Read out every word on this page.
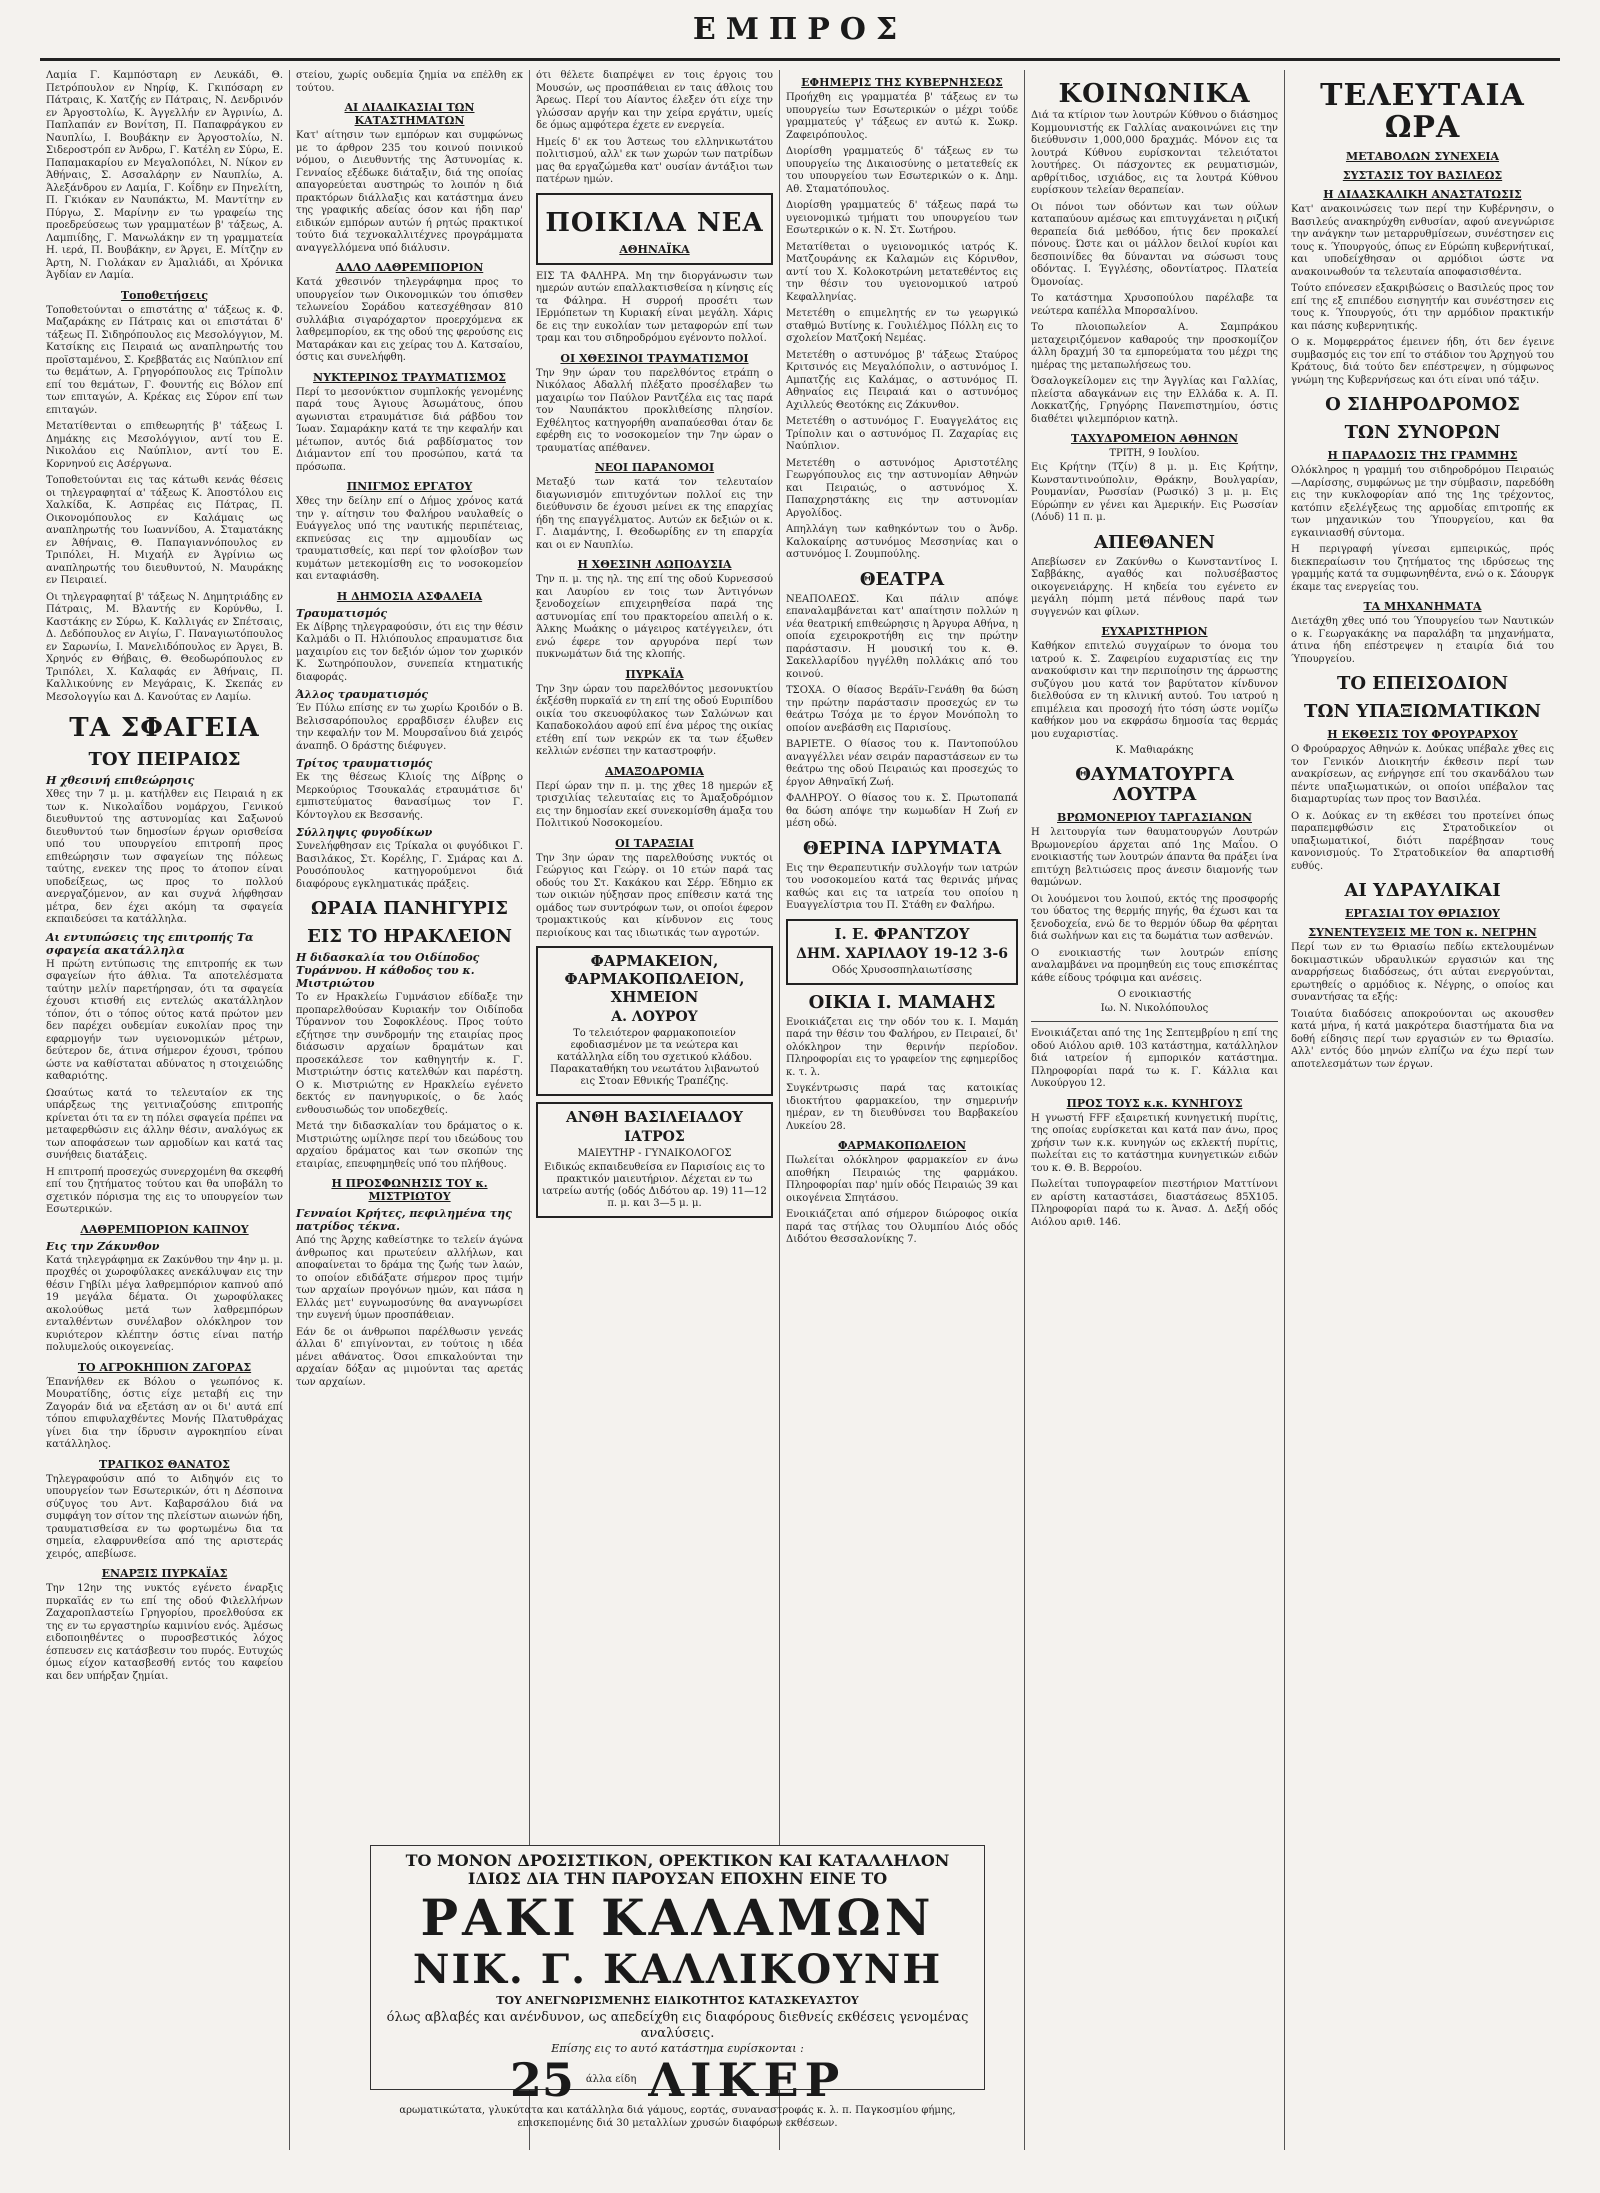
ΕΜΠΡΟΣ

Λαμία Γ. Καμπόσταρη εν Λευκάδι, Θ. Πετρόπουλον εν Νηρίφ, Κ. Γκιπόσαρη εν Πάτραις, Κ. Χατζής εν Πάτραις, Ν. Δενδρινόν εν Άργοστολίω, Κ. Άγγελλήν εν Άγρινίω, Δ. Παπλαπάν εν Βονίτση, Π. Παπαφράγκου εν Ναυπλίω, Ι. Βουβάκην εν Άργοστολίω, Ν. Σιδεροστρόπ εν Άνδρω, Γ. Κατέλη εν Σύρω, Ε. Παπαμακαρίου εν Μεγαλοπόλει, Ν. Νίκον εν Άθήναις, Σ. Ασσαλάρην εν Ναυπλίω, Α. Άλεξάνδρου εν Λαμία, Γ. Κοΐδην εν Πηνελίτη, Π. Γκιόκαν εν Ναυπάκτω, Μ. Μαντίτην εν Πύργω, Σ. Μαρίνην εν τω γραφείω της προεδρεύσεως των γραμματέων β' τάξεως, Α. Λαμπιίδης, Γ. Μανωλάκην εν τη γραμματεία Η. ιερά, Π. Βουβάκην, εν Άργει, Ε. Μίτζην εν Άρτη, Ν. Γιολάκαν εν Άμαλιάδι, αι Χρόνικα Άγδίαν εν Λαμία.

Τοποθετήσεις

Τοποθετούνται ο επιστάτης α' τάξεως κ. Φ. Μαζαράκης εν Πάτραις και οι επιστάται δ' τάξεως Π. Σιδηρόπουλος εις Μεσολόγγιον, Μ. Κατσίκης εις Πειραιά ως αναπληρωτής του προϊσταμένου, Σ. Κρεββατάς εις Ναύπλιον επί τω θεμάτων, Α. Γρηγορόπουλος εις Τρίπολιν επί του θεμάτων, Γ. Φουντής εις Βόλον επί των επιταγών, Α. Κρέκας εις Σύρον επί των επιταγών.

Μετατίθενται ο επιθεωρητής β' τάξεως Ι. Δημάκης εις Μεσολόγγιον, αντί του Ε. Νικολάου εις Ναύπλιον, αντί του Ε. Κορνηνού εις Ασέργωνα.

Τοποθετούνται εις τας κάτωθι κενάς θέσεις οι τηλεγραφηταί α' τάξεως Κ. Άποστόλου εις Χαλκίδα, Κ. Ασπρέας εις Πάτρας, Π. Οικονομόπουλος εν Καλάμαις ως αναπληρωτής του Ιωαννίδου, Α. Σταματάκης εν Άθήναις, Θ. Παπαγιαννόπουλος εν Τριπόλει, Η. Μιχαήλ εν Άγρίνιω ως αναπληρωτής του διευθυντού, Ν. Μαυράκης εν Πειραιεί.

Οι τηλεγραφηταί β' τάξεως Ν. Δημητριάδης εν Πάτραις, Μ. Βλαντής εν Κορύνθω, Ι. Καστάκης εν Σύρω, Κ. Καλλιγάς εν Σπέτσαις, Δ. Δεδόπουλος εν Αιγίω, Γ. Παναγιωτόπουλος εν Σαρωνίω, Ι. Μανελιδόπουλος εν Άργει, Β. Χρηνός εν Θήβαις, Θ. Θεοδωρόπουλος εν Τριπόλει, Χ. Καλαφάς εν Άθήναις, Π. Καλλικούνης εν Μεγάραις, Κ. Σκεπάς εν Μεσολογγίω και Δ. Κανούτας εν Λαμίω.

ΤΑ ΣΦΑΓΕΙΑ
ΤΟΥ ΠΕΙΡΑΙΩΣ
Η χθεσινή επιθεώρησις

Χθες την 7 μ. μ. κατήλθεν εις Πειραιά η εκ των κ. Νικολαΐδου νομάρχου, Γενικού διευθυντού της αστυνομίας και Σαξωνού διευθυντού των δημοσίων έργων ορισθείσα υπό του υπουργείου επιτροπή προς επιθεώρησιν των σφαγείων της πόλεως ταύτης, ενεκεν της προς το άτοπον είναι υποδείξεως, ως προς το πολλού ανεργαζόμενον, αν και συχνά λήφθησαν μέτρα, δεν έχει ακόμη τα σφαγεία εκπαιδεύσει τα κατάλληλα.

Αι εντυπώσεις της επιτροπής Τα σφαγεία ακατάλληλα

Η πρώτη εντύπωσις της επιτροπής εκ των σφαγείων ήτο άθλια. Τα αποτελέσματα ταύτην μελίν παρετήρησαν, ότι τα σφαγεία έχουσι κτισθή εις εντελώς ακατάλληλον τόπον, ότι ο τόπος ούτος κατά πρώτον μεν δεν παρέχει ουδεμίαν ευκολίαν προς την εφαρμογήν των υγειονομικών μέτρων, δεύτερον δε, άτινα σήμερον έχουσι, τρόπου ώστε να καθίσταται αδύνατος η στοιχειώδης καθαριότης.

Ωσαύτως κατά το τελευταίον εκ της υπάρξεως της γειτνιαζούσης επιτροπής κρίνεται ότι τα εν τη πόλει σφαγεία πρέπει να μεταφερθώσιν εις άλλην θέσιν, αναλόγως εκ των αποφάσεων των αρμοδίων και κατά τας συνήθεις διατάξεις.

Η επιτροπή προσεχώς συνερχομένη θα σκεφθή επί του ζητήματος τούτου και θα υποβάλη το σχετικόν πόρισμα της εις το υπουργείον των Εσωτερικών.

ΛΑΘΡΕΜΠΟΡΙΟΝ ΚΑΠΝΟΥ
Εις την Ζάκυνθον

Κατά τηλεγράφημα εκ Ζακύνθου την 4ην μ. μ. προχθές οι χωροφύλακες ανεκάλυψαν εις την θέσιν Γηβίλι μέγα λαθρεμπόριον καπνού από 19 μεγάλα δέματα. Οι χωροφύλακες ακολούθως μετά των λαθρεμπόρων ενταλθέντων συνέλαβον ολόκληρον τον κυριότερον κλέπτην όστις είναι πατήρ πολυμελούς οικογενείας.

ΤΟ ΑΓΡΟΚΗΠΙΟΝ ΖΑΓΟΡΑΣ

Έπανήλθεν εκ Βόλου ο γεωπόνος κ. Μουρατίδης, όστις είχε μεταβή εις την Ζαγοράν διά να εξετάση αν οι δι' αυτά επί τόπου επιφυλαχθέντες Μονής Πλατυθράχας γίνει δια την ίδρυσιν αγροκηπίου είναι κατάλληλος.

ΤΡΑΓΙΚΟΣ ΘΑΝΑΤΟΣ

Τηλεγραφούσιν από το Αιδηψόν εις το υπουργείον των Εσωτερικών, ότι η Δέσποινα σύζυγος του Αντ. Καβαρσάλου διά να συμφάγη τον σίτον της πλείστων αιωνών ήδη, τραυματισθείσα εν τω φορτωμένω δια τα σημεία, ελαφρυνθείσα από της αριστεράς χειρός, απεβίωσε.

ΕΝΑΡΞΙΣ ΠΥΡΚΑΪΑΣ

Την 12ην της νυκτός εγένετο έναρξις πυρκαϊάς εν τω επί της οδού Φιλελλήνων Ζαχαροπλαστείω Γρηγορίου, προελθούσα εκ της εν τω εργαστηρίω καμινίου ενός. Άμέσως ειδοποιηθέντες ο πυροσβεστικός λόχος έσπευσεν εις κατάσβεσιν του πυρός. Ευτυχώς όμως είχον κατασβεσθή εντός του καφείου και δεν υπήρξαν ζημίαι.

στείου, χωρίς ουδεμία ζημία να επέλθη εκ τούτου.

ΑΙ ΔΙΑΔΙΚΑΣΙΑΙ ΤΩΝ ΚΑΤΑΣΤΗΜΑΤΩΝ

Κατ' αίτησιν των εμπόρων και συμφώνως με το άρθρον 235 του κοινού ποινικού νόμου, ο Διευθυντής της Άστυνομίας κ. Γενναίος εξέδωκε διάταξιν, διά της οποίας απαγορεύεται αυστηρώς το λοιπόν η διά πρακτόρων διάλλαξις και κατάστημα άνευ της γραφικής αδείας όσον και ήδη παρ' ειδικών εμπόρων αυτών ή ρητώς πρακτικοί τούτο διά τεχνοκαλλιτέχνες προγράμματα αναγγελλόμενα υπό διάλυσιν.

ΑΛΛΟ ΛΑΘΡΕΜΠΟΡΙΟΝ

Κατά χθεσινόν τηλεγράφημα προς το υπουργείον των Οικονομικών του όπισθεν τελωνείου Σοράδου κατεσχέθησαν 810 συλλάβια σιγαρόχαρτον προερχόμενα εκ λαθρεμπορίου, εκ της οδού της φερούσης εις Ματαράκαν και εις χείρας του Δ. Κατσαίου, όστις και συνελήφθη.

ΝΥΚΤΕΡΙΝΟΣ ΤΡΑΥΜΑΤΙΣΜΟΣ

Περί το μεσονύκτιον συμπλοκής γενομένης παρά τους Άγιους Άσωμάτους, όπου αγωνισται ετραυμάτισε διά ράβδου τον Ίωαν. Σαμαράκην κατά τε την κεφαλήν και μέτωπον, αυτός διά ραβδίσματος τον Διάμαντον επί του προσώπου, κατά τα πρόσωπα.

ΠΝΙΓΜΟΣ ΕΡΓΑΤΟΥ

Χθες την δείλην επί ο Δήμος χρόνος κατά την γ. αίτησιν του Φαλήρου ναυλαθείς ο Ευάγγελος υπό της ναυτικής περιπέτειας, εκπνεύσας εις την αμμουδίαν ως τραυματισθείς, και περί τον φλοίσβον των κυμάτων μετεκομίσθη εις το νοσοκομείον και ενταφιάσθη.

Η ΔΗΜΟΣΙΑ ΑΣΦΑΛΕΙΑ
Τραυματισμός

Εκ Δίβρης τηλεγραφούσιν, ότι εις την θέσιν Καλμάδι ο Π. Ηλιόπουλος επραυματισε δια μαχαιρίου εις τον δεξιόν ώμον τον χωρικόν Κ. Σωτηρόπουλον, συνεπεία κτηματικής διαφοράς.

Άλλος τραυματισμός

Έν Πύλω επίσης εν τω χωρίω Κροιδόν ο Β. Βελισσαρόπουλος ερραβδισεν έλυβεν εις την κεφαλήν τον Μ. Μουρσαΐνου διά χειρός άναπηδ. Ο δράστης διέφυγεν.

Τρίτος τραυματισμός

Εκ της θέσεως Κλιοίς της Δίβρης ο Μερκούριος Τσουκαλάς ετραυμάτισε δι' εμπιστεύματος θανασίμως τον Γ. Κόντογλου εκ Βεσσανής.

Σύλληψις φυγοδίκων

Συνελήφθησαν εις Τρίκαλα οι φυγόδικοι Γ. Βασιλάκος, Στ. Κορέλης, Γ. Σμάρας και Δ. Ρουσόπουλος κατηγορούμενοι διά διαφόρους εγκληματικάς πράξεις.

ΩΡΑΙΑ ΠΑΝΗΓΥΡΙΣ
ΕΙΣ ΤΟ ΗΡΑΚΛΕΙΟΝ
Η διδασκαλία του Οιδίποδος Τυράννου. Η κάθοδος του κ. Μιστριώτου

Το εν Ηρακλείω Γυμνάσιον εδίδαξε την προπαρελθούσαν Κυριακήν τον Οιδίποδα Τύραννον του Σοφοκλέους. Προς τούτο εζήτησε την συνδρομήν της εταιρίας προς διάσωσιν αρχαίων δραμάτων και προσεκάλεσε τον καθηγητήν κ. Γ. Μιστριώτην όστις κατελθών και παρέστη. Ο κ. Μιστριώτης εν Ηρακλείω εγένετο δεκτός εν πανηγυρικοίς, ο δε λαός ενθουσιωδώς τον υποδεχθείς.

Μετά την διδασκαλίαν του δράματος ο κ. Μιστριώτης ωμίλησε περί του ιδεώδους του αρχαίου δράματος και των σκοπών της εταιρίας, επευφημηθείς υπό του πλήθους.

Η ΠΡΟΣΦΩΝΗΣΙΣ ΤΟΥ κ. ΜΙΣΤΡΙΩΤΟΥ
Γενναίοι Κρήτες, πεφιλημένα της πατρίδος τέκνα.

Από της Άρχης καθείστηκε το τελείν άγώνα άνθρωπος και πρωτεύειν αλλήλων, και αποφαίνεται το δράμα της ζωής των λαών, το οποίον εδιδάξατε σήμερον προς τιμήν των αρχαίων προγόνων ημών, και πάσα η Ελλάς μετ' ευγνωμοσύνης θα αναγνωρίσει την ευγενή ύμων προσπάθειαν.

Εάν δε οι άνθρωποι παρέλθωσιν γενεάς άλλαι δ' επιγίνονται, εν τούτοις η ιδέα μένει αθάνατος. Όσοι επικαλούνται την αρχαίαν δόξαν ας μιμούνται τας αρετάς των αρχαίων.

ότι θέλετε διαπρέψει εν τοις έργοις του Μουσών, ως προσπάθειαι εν ταις άθλοις του Άρεως. Περί του Αίαντος έλεξεν ότι είχε την γλώσσαν αργήν και την χείρα εργάτιν, υμείς δε όμως αμφότερα έχετε εν ενεργεία.

Ημείς δ' εκ του Άστεως του ελληνικωτάτου πολιτισμού, αλλ' εκ των χωρών των πατρίδων μας θα εργαζώμεθα κατ' ουσίαν άντάξιοι των πατέρων ημών.

ΠΟΙΚΙΛΑ ΝΕΑ
ΑΘΗΝΑΪΚΑ

ΕΙΣ ΤΑ ΦΑΛΗΡΑ. Μη την διοργάνωσιν των ημερών αυτών επαλλακτισθείσα η κίνησις είς τα Φάληρα. Η συρροή προσέτι των ΙΕρμόπετων τη Κυριακή είναι μεγάλη. Χάρις δε εις την ευκολίαν των μεταφορών επί των τραμ και του σιδηροδρόμου εγένοντο πολλοί.

ΟΙ ΧΘΕΣΙΝΟΙ ΤΡΑΥΜΑΤΙΣΜΟΙ

Την 9ην ώραν του παρελθόντος ετράπη ο Νικόλαος Αδαλλή πλέξατο προσέλαβεν τω μαχαιρίω τον Παύλον Ραντζέλα εις τας παρά τον Ναυπάκτου προκλιθείσης πλησίον. Εχθέλητος κατηγορήθη αναπαύεσθαι όταν δε εφέρθη εις το νοσοκομείον την 7ην ώραν ο τραυματίας απέθανεν.

ΝΕΟΙ ΠΑΡΑΝΟΜΟΙ

Μεταξύ των κατά τον τελευταίον διαγωνισμόν επιτυχόντων πολλοί εις την διεύθυνσιν δε έχουσι μείνει εκ της επαρχίας ήδη της επαγγέλματος. Αυτών εκ δεξιών οι κ. Γ. Διαμάντης, Ι. Θεοδωρίδης εν τη επαρχία και οι εν Ναυπλίω.

Η ΧΘΕΣΙΝΗ ΛΩΠΟΔΥΣΙΑ

Την π. μ. της ηλ. της επί της οδού Κυρνεσσού και Λαυρίου εν τοις των Άντιγόνων ξενοδοχείων επιχειρηθείσα παρά της αστυνομίας επί του πρακτορείου απειλή ο κ. Άλκης Μωάκης ο μάγειρος κατέγγειλεν, ότι ενώ έφερε τον αργυρόνα περί των πυκνωμάτων διά της κλοπής.

ΠΥΡΚΑΪΑ

Την 3ην ώραν του παρελθόντος μεσονυκτίου έκξέσθη πυρκαϊά εν τη επί της οδού Ευριπίδου οικία του σκευοφύλακος των Σαλώνων και Καπαδοκολάου αφού επί ένα μέρος της οικίας ετέθη επί των νεκρών εκ τα των έξωθεν κελλιών ενέσπει την καταστροφήν.

ΑΜΑΞΟΔΡΟΜΙΑ

Περί ώραν την π. μ. της χθες 18 ημερών εξ τρισχιλίας τελευταίας εις το Άμαξοδρόμιον εις την δημοσίαν εκεί συνεκομίσθη άμαξα του Πολιτικού Νοσοκομείου.

ΟΙ ΤΑΡΑΞΙΑΙ

Την 3ην ώραν της παρελθούσης νυκτός οι Γεώργιος και Γεώργ. οι 10 ετών παρά τας οδούς του Στ. Κακάκου και Σέρρ. Έδημιο εκ των οικιών ηύξησαν προς επίθεσιν κατά της ομάδος των συντρόφων των, οι οποίοι έφερον τρομακτικούς και κίνδυνον εις τους περιοίκους και τας ιδιωτικάς των αγροτών.

ΦΑΡΜΑΚΕΙΟΝ,
ΦΑΡΜΑΚΟΠΩΛΕΙΟΝ, ΧΗΜΕΙΟΝ
Α. ΛΟΥΡΟΥ
Το τελειότερον φαρμακοποιείον εφοδιασμένον με τα νεώτερα και κατάλληλα είδη του σχετικού κλάδου. Παρακαταθήκη του νεωτάτου λιβανωτού εις Στοαν Εθνικής Τραπέζης.
ΑΝΘΗ ΒΑΣΙΛΕΙΑΔΟΥ
ΙΑΤΡΟΣ
ΜΑΙΕΥΤΗΡ - ΓΥΝΑΙΚΟΛΟΓΟΣ
Ειδικώς εκπαιδευθείσα εν Παρισίοις εις το πρακτικόν μαιευτήριον. Δέχεται εν τω ιατρείω αυτής (οδός Διδότου αρ. 19) 11—12 π. μ. και 3—5 μ. μ.
ΕΦΗΜΕΡΙΣ ΤΗΣ ΚΥΒΕΡΝΗΣΕΩΣ

Προήχθη εις γραμματέα β' τάξεως εν τω υπουργείω των Εσωτερικών ο μέχρι τούδε γραμματεύς γ' τάξεως εν αυτώ κ. Σωκρ. Ζαφειρόπουλος.

Διορίσθη γραμματεύς δ' τάξεως εν τω υπουργείω της Δικαιοσύνης ο μετατεθείς εκ του υπουργείου των Εσωτερικών ο κ. Δημ. Αθ. Σταματόπουλος.

Διορίσθη γραμματεύς δ' τάξεως παρά τω υγειονομικώ τμήματι του υπουργείου των Εσωτερικών ο κ. Ν. Στ. Σωτήρου.

Μετατίθεται ο υγειονομικός ιατρός Κ. Ματζουράνης εκ Καλαμών εις Κόρινθον, αντί του Χ. Κολοκοτρώνη μετατεθέντος εις την θέσιν του υγειονομικού ιατρού Κεφαλληνίας.

Μετετέθη ο επιμελητής εν τω γεωργικώ σταθμώ Βυτίνης κ. Γουλιέλμος Πόλλη εις το σχολείον Ματζοκή Νεμέας.

Μετετέθη ο αστυνόμος β' τάξεως Σταύρος Κριτσινός εις Μεγαλόπολιν, ο αστυνόμος Ι. Αμπατζής εις Καλάμας, ο αστυνόμος Π. Αθηναίος εις Πειραιά και ο αστυνόμος Αχιλλεύς Θεοτόκης εις Ζάκυνθον.

Μετετέθη ο αστυνόμος Γ. Ευαγγελάτος εις Τρίπολιν και ο αστυνόμος Π. Ζαχαρίας εις Ναύπλιον.

Μετετέθη ο αστυνόμος Αριστοτέλης Γεωργόπουλος εις την αστυνομίαν Αθηνών και Πειραιώς, ο αστυνόμος Χ. Παπαχρηστάκης εις την αστυνομίαν Αργολίδος.

Απηλλάγη των καθηκόντων του ο Άνδρ. Καλοκαίρης αστυνόμος Μεσσηνίας και ο αστυνόμος Ι. Ζουμπούλης.

ΘΕΑΤΡΑ

ΝΕΑΠΟΛΕΩΣ. Και πάλιν απόψε επαναλαμβάνεται κατ' απαίτησιν πολλών η νέα θεατρική επιθεώρησις η Άργυρα Αθήνα, η οποία εχειροκροτήθη εις την πρώτην παράστασιν. Η μουσική του κ. Θ. Σακελλαρίδου ηγγέλθη πολλάκις από του κοινού.

ΤΣΟΧΑ. Ο θίασος Βεράϊν-Γενάθη θα δώση την πρώτην παράστασιν προσεχώς εν τω θεάτρω Τσόχα με το έργον Μονόπολη το οποίον ανεβάσθη εις Παρισίους.

ΒΑΡΙΕΤΕ. Ο θίασος του κ. Παντοπούλου αναγγέλλει νέαν σειράν παραστάσεων εν τω θεάτρω της οδού Πειραιώς και προσεχώς το έργον Αθηναϊκή Ζωή.

ΦΑΛΗΡΟΥ. Ο θίασος του κ. Σ. Πρωτοπαπά θα δώση απόψε την κωμωδίαν Η Ζωή εν μέση οδώ.

ΘΕΡΙΝΑ ΙΔΡΥΜΑΤΑ

Εις την Θεραπευτικήν συλλογήν των ιατρών του νοσοκομείου κατά τας θερινάς μήνας καθώς και εις τα ιατρεία του οποίου η Ευαγγελίστρια του Π. Στάθη εν Φαλήρω.

Ι. Ε. ΦΡΑΝΤΖΟΥ
ΔΗΜ. ΧΑΡΙΛΑΟΥ 19-12 3-6
Οδός Χρυσοσπηλαιωτίσσης
ΟΙΚΙΑ Ι. ΜΑΜΑΗΣ

Ενοικιάζεται εις την οδόν του κ. Ι. Μαμάη παρά την θέσιν του Φαλήρου, εν Πειραιεί, δι' ολόκληρον την θερινήν περίοδον. Πληροφορίαι εις το γραφείον της εφημερίδος κ. τ. λ.

Συγκέντρωσις παρά τας κατοικίας ιδιοκτήτου φαρμακείου, την σημερινήν ημέραν, εν τη διευθύνσει του Βαρβακείου Λυκείου 28.

ΦΑΡΜΑΚΟΠΩΛΕΙΟΝ

Πωλείται ολόκληρον φαρμακείον εν άνω αποθήκη Πειραιώς της φαρμάκου. Πληροφορίαι παρ' ημίν οδός Πειραιώς 39 και οικογένεια Σπητάσου.

Ενοικιάζεται από σήμερον διώροφος οικία παρά τας στήλας του Ολυμπίου Διός οδός Διδότου Θεσσαλονίκης 7.

ΚΟΙΝΩΝΙΚΑ

Διά τα κτίριον των λουτρών Κύθνου ο διάσημος Κομμουνιστής εκ Γαλλίας ανακοινώνει εις την διεύθυνσιν 1,000,000 δραχμάς. Μόνον εις τα λουτρά Κύθνου ευρίσκονται τελειότατοι λουτήρες. Οι πάσχοντες εκ ρευματισμών, αρθρίτιδος, ισχιάδος, εις τα λουτρά Κύθνου ευρίσκουν τελείαν θεραπείαν.

Οι πόνοι των οδόντων και των ούλων καταπαύουν αμέσως και επιτυγχάνεται η ριζική θεραπεία διά μεθόδου, ήτις δεν προκαλεί πόνους. Ώστε και οι μάλλον δειλοί κυρίοι και δεσποινίδες θα δύνανται να σώσωσι τους οδόντας. Ι. Έγγλέσης, οδοντίατρος. Πλατεία Όμονοίας.

Το κατάστημα Χρυσοπούλου παρέλαβε τα νεώτερα καπέλλα Μπορσαλίνου.

Το πλοιοπωλείον Α. Σαμπράκου μεταχειριζόμενον καθαρούς την προσκομίζον άλλη δραχμή 30 τα εμπορεύματα του μέχρι της ημέρας της μεταπωλήσεως του.

Όσαλογκείλομεν εις την Άγγλίας και Γαλλίας, πλείστα αδαγκάνων εις την Ελλάδα κ. Α. Π. Λοκκατζής, Γρηγόρης Πανεπιστημίου, όστις διαθέτει ψιλεμπόριον κατηλ.

ΤΑΧΥΔΡΟΜΕΙΟΝ ΑΘΗΝΩΝ
ΤΡΙΤΗ, 9 Ιουλίου.

Εις Κρήτην (Τζίν) 8 μ. μ. Εις Κρήτην, Κωνσταντινούπολιν, Θράκην, Βουλγαρίαν, Ρουμανίαν, Ρωσσίαν (Ρωσικό) 3 μ. μ. Εις Εύρώπην εν γένει και Άμερικήν. Εις Ρωσσίαν (Λόυδ) 11 π. μ.

ΑΠΕΘΑΝΕΝ

Απεβίωσεν εν Ζακύνθω ο Κωνσταντίνος Ι. Σαββάκης, αγαθός και πολυσέβαστος οικογενειάρχης. Η κηδεία του εγένετο εν μεγάλη πόμπη μετά πένθους παρά των συγγενών και φίλων.

ΕΥΧΑΡΙΣΤΗΡΙΟΝ

Καθήκον επιτελώ συγχαίρων το όνομα του ιατρού κ. Σ. Ζαφειρίου ευχαριστίας εις την ανακούφισιν και την περιποίησιν της άρρωστης συζύγου μου κατά τον βαρύτατον κίνδυνον διελθούσα εν τη κλινική αυτού. Του ιατρού η επιμέλεια και προσοχή ήτο τόση ώστε νομίζω καθήκον μου να εκφράσω δημοσία τας θερμάς μου ευχαριστίας.

Κ. Μαθιαράκης
ΘΑΥΜΑΤΟΥΡΓΑ ΛΟΥΤΡΑ
ΒΡΩΜΟΝΕΡΙΟΥ ΤΑΡΓΑΣΙΑΝΩΝ

Η λειτουργία των θαυματουργών Λουτρών Βρωμονερίου άρχεται από 1ης Μαΐου. Ο ενοικιαστής των λουτρών άπαντα θα πράξει ίνα επιτύχη βελτιώσεις προς άνεσιν διαμονής των θαμώνων.

Οι λουόμενοι του λοιπού, εκτός της προσφορής του ύδατος της θερμής πηγής, θα έχωσι και τα ξενοδοχεία, ενώ δε το θερμόν ύδωρ θα φέρηται διά σωλήνων και εις τα δωμάτια των ασθενών.

Ο ενοικιαστής των λουτρών επίσης αναλαμβάνει να προμηθεύη εις τους επισκέπτας κάθε είδους τρόφιμα και ανέσεις.

Ο ενοικιαστής
Ιω. Ν. Νικολόπουλος

Ενοικιάζεται από της 1ης Σεπτεμβρίου η επί της οδού Αιόλου αριθ. 103 κατάστημα, κατάλληλον διά ιατρείον ή εμπορικόν κατάστημα. Πληροφορίαι παρά τω κ. Γ. Κάλλια και Λυκούργου 12.

ΠΡΟΣ ΤΟΥΣ κ.κ. ΚΥΝΗΓΟΥΣ

Η γνωστή FFF εξαιρετική κυνηγετική πυρίτις, της οποίας ευρίσκεται και κατά παν άνω, προς χρήσιν των κ.κ. κυνηγών ως εκλεκτή πυρίτις, πωλείται εις το κατάστημα κυνηγετικών ειδών του κ. Θ. Β. Βερροίου.

Πωλείται τυπογραφείον πιεστήριον Ματτίνονι εν αρίστη καταστάσει, διαστάσεως 85Χ105. Πληροφορίαι παρά τω κ. Άνασ. Δ. Δεξή οδός Αιόλου αριθ. 146.

ΤΕΛΕΥΤΑΙΑ ΩΡΑ
ΜΕΤΑΒΟΛΩΝ ΣΥΝΕΧΕΙΑ
ΣΥΣΤΑΣΙΣ ΤΟΥ ΒΑΣΙΛΕΩΣ
Η ΔΙΔΑΣΚΑΛΙΚΗ ΑΝΑΣΤΑΤΩΣΙΣ

Κατ' ανακοινώσεις των περί την Κυβέρνησιν, ο Βασιλεύς ανακηρύχθη ενθυσίαν, αφού ανεγνώρισε την ανάγκην των μεταρρυθμίσεων, συνέστησεν εις τους κ. Ύπουργούς, όπως εν Εύρώπη κυβερνήτικαί, και υποδείχθησαν οι αρμόδιοι ώστε να ανακοινωθούν τα τελευταία αποφασισθέντα.

Τούτο επόνεσεν εξακριβώσεις ο Βασιλεύς προς τον επί της εξ επιπέδου εισηγητήν και συνέστησεν εις τους κ. Ύπουργούς, ότι την αρμόδιον πρακτικήν και πάσης κυβερνητικής.

Ο κ. Μομφερράτος έμεινεν ήδη, ότι δεν έγεινε συμβασμός εις τον επί το στάδιον του Άρχηγού του Κράτους, διά τούτο δεν επέστρεψεν, η σύμφωνος γνώμη της Κυβερνήσεως και ότι είναι υπό τάξιν.

Ο ΣΙΔΗΡΟΔΡΟΜΟΣ
ΤΩΝ ΣΥΝΟΡΩΝ
Η ΠΑΡΑΔΟΣΙΣ ΤΗΣ ΓΡΑΜΜΗΣ

Ολόκληρος η γραμμή του σιδηροδρόμου Πειραιώς—Λαρίσσης, συμφώνως με την σύμβασιν, παρεδόθη εις την κυκλοφορίαν από της 1ης τρέχοντος, κατόπιν εξελέγξεως της αρμοδίας επιτροπής εκ των μηχανικών του Ύπουργείου, και θα εγκαινιασθή σύντομα.

Η περιγραφή γίνεσαι εμπειρικώς, πρός διεκπεραίωσιν του ζητήματος της ιδρύσεως της γραμμής κατά τα συμφωνηθέντα, ενώ ο κ. Σάουργκ έκαμε τας ενεργείας του.

ΤΑ ΜΗΧΑΝΗΜΑΤΑ

Διετάχθη χθες υπό του Ύπουργείου των Ναυτικών ο κ. Γεωργακάκης να παραλάβη τα μηχανήματα, άτινα ήδη επέστρεψεν η εταιρία διά του Ύπουργείου.

ΤΟ ΕΠΕΙΣΟΔΙΟΝ
ΤΩΝ ΥΠΑΞΙΩΜΑΤΙΚΩΝ
Η ΕΚΘΕΣΙΣ ΤΟΥ ΦΡΟΥΡΑΡΧΟΥ

Ο Φρούραρχος Αθηνών κ. Δούκας υπέβαλε χθες εις τον Γενικόν Διοικητήν έκθεσιν περί των ανακρίσεων, ας ενήργησε επί του σκανδάλου των πέντε υπαξιωματικών, οι οποίοι υπέβαλον τας διαμαρτυρίας των προς τον Βασιλέα.

Ο κ. Δούκας εν τη εκθέσει του προτείνει όπως παραπεμφθώσιν εις Στρατοδικείον οι υπαξιωματικοί, διότι παρέβησαν τους κανονισμούς. Το Στρατοδικείον θα απαρτισθή ευθύς.

ΑΙ ΥΔΡΑΥΛΙΚΑΙ
ΕΡΓΑΣΙΑΙ ΤΟΥ ΘΡΙΑΣΙΟΥ
ΣΥΝΕΝΤΕΥΞΕΙΣ ΜΕ ΤΟΝ κ. ΝΕΓΡΗΝ

Περί των εν τω Θριασίω πεδίω εκτελουμένων δοκιμαστικών υδραυλικών εργασιών και της αναρρήσεως διαδόσεως, ότι αύται ενεργούνται, ερωτηθείς ο αρμόδιος κ. Νέγρης, ο οποίος και συναντήσας τα εξής:

Τοιαύτα διαδόσεις αποκρούονται ως ακουσθεν κατά μήνα, ή κατά μακρότερα διαστήματα δια να δοθή είδησις περί των εργασιών εν τω Θριασίω. Αλλ' εντός δύο μηνών ελπίζω να έχω περί των αποτελεσμάτων των έργων.

ΤΟ ΜΟΝΟΝ ΔΡΟΣΙΣΤΙΚΟΝ, ΟΡΕΚΤΙΚΟΝ ΚΑΙ ΚΑΤΑΛΛΗΛΟΝ ΙΔΙΩΣ ΔΙΑ ΤΗΝ ΠΑΡΟΥΣΑΝ ΕΠΟΧΗΝ ΕΙΝΕ ΤΟ
ΡΑΚΙ ΚΑΛΑΜΩΝ
ΝΙΚ. Γ. ΚΑΛΛΙΚΟΥΝΗ
ΤΟΥ ΑΝΕΓΝΩΡΙΣΜΕΝΗΣ ΕΙΔΙΚΟΤΗΤΟΣ ΚΑΤΑΣΚΕΥΑΣΤΟΥ
όλως αβλαβές και ανένδυνον, ως απεδείχθη εις διαφόρους διεθνείς εκθέσεις γενομένας αναλύσεις.
Επίσης εις το αυτό κατάστημα ευρίσκονται :
25 άλλα είδη ΛΙΚΕΡ
αρωματικώτατα, γλυκύτατα και κατάλληλα διά γάμους, εορτάς, συναναστροφάς κ. λ. π. Παγκοσμίου φήμης, επισκεπομένης διά 30 μεταλλίων χρυσών διαφόρων εκθέσεων.
